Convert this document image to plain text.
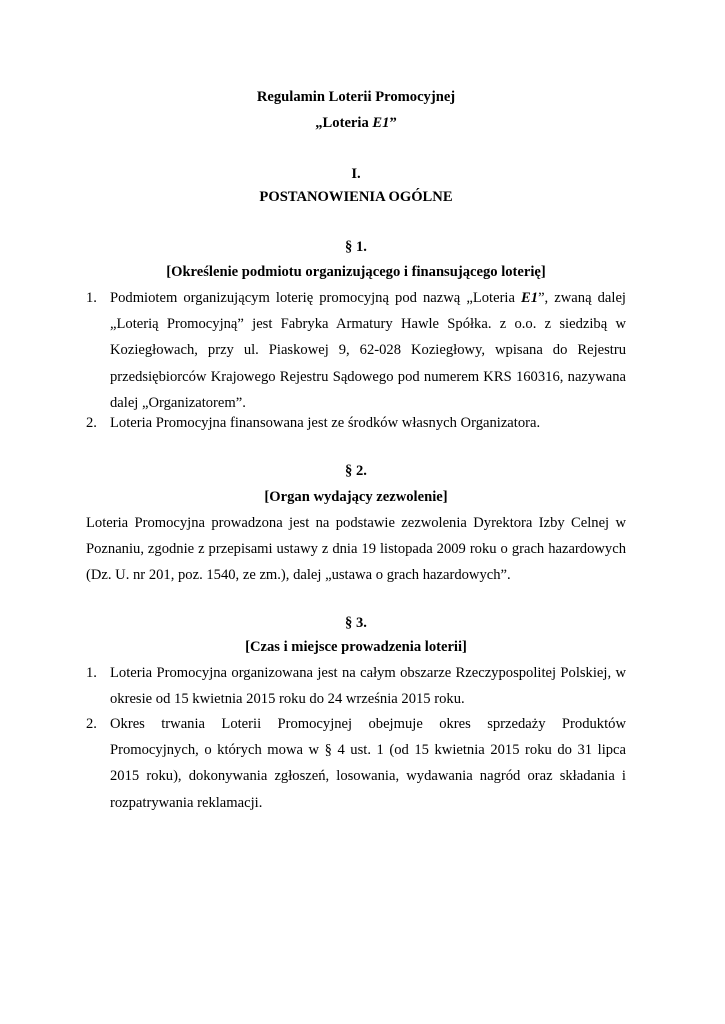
Regulamin Loterii Promocyjnej
„Loteria E1”
I.
POSTANOWIENIA OGÓLNE
§ 1.
[Określenie podmiotu organizującego i finansującego loterię]
1. Podmiotem organizującym loterię promocyjną pod nazwą „Loteria E1”, zwaną dalej „Loterią Promocyjną” jest Fabryka Armatury Hawle Spółka. z o.o. z siedzibą w Koziegłowach, przy ul. Piaskowej 9, 62-028 Koziegłowy, wpisana do Rejestru przedsiębiorców Krajowego Rejestru Sądowego pod numerem KRS 160316, nazywana dalej „Organizatorem”.
2. Loteria Promocyjna finansowana jest ze środków własnych Organizatora.
§ 2.
[Organ wydający zezwolenie]
Loteria Promocyjna prowadzona jest na podstawie zezwolenia Dyrektora Izby Celnej w Poznaniu, zgodnie z przepisami ustawy z dnia 19 listopada 2009 roku o grach hazardowych (Dz. U. nr 201, poz. 1540, ze zm.), dalej „ustawa o grach hazardowych”.
§ 3.
[Czas i miejsce prowadzenia loterii]
1. Loteria Promocyjna organizowana jest na całym obszarze Rzeczypospolitej Polskiej, w okresie od 15 kwietnia 2015 roku do 24 września 2015 roku.
2. Okres trwania Loterii Promocyjnej obejmuje okres sprzedaży Produktów Promocyjnych, o których mowa w § 4 ust. 1 (od 15 kwietnia 2015 roku do 31 lipca 2015 roku), dokonywania zgłoszeń, losowania, wydawania nagród oraz składania i rozpatrywania reklamacji.
